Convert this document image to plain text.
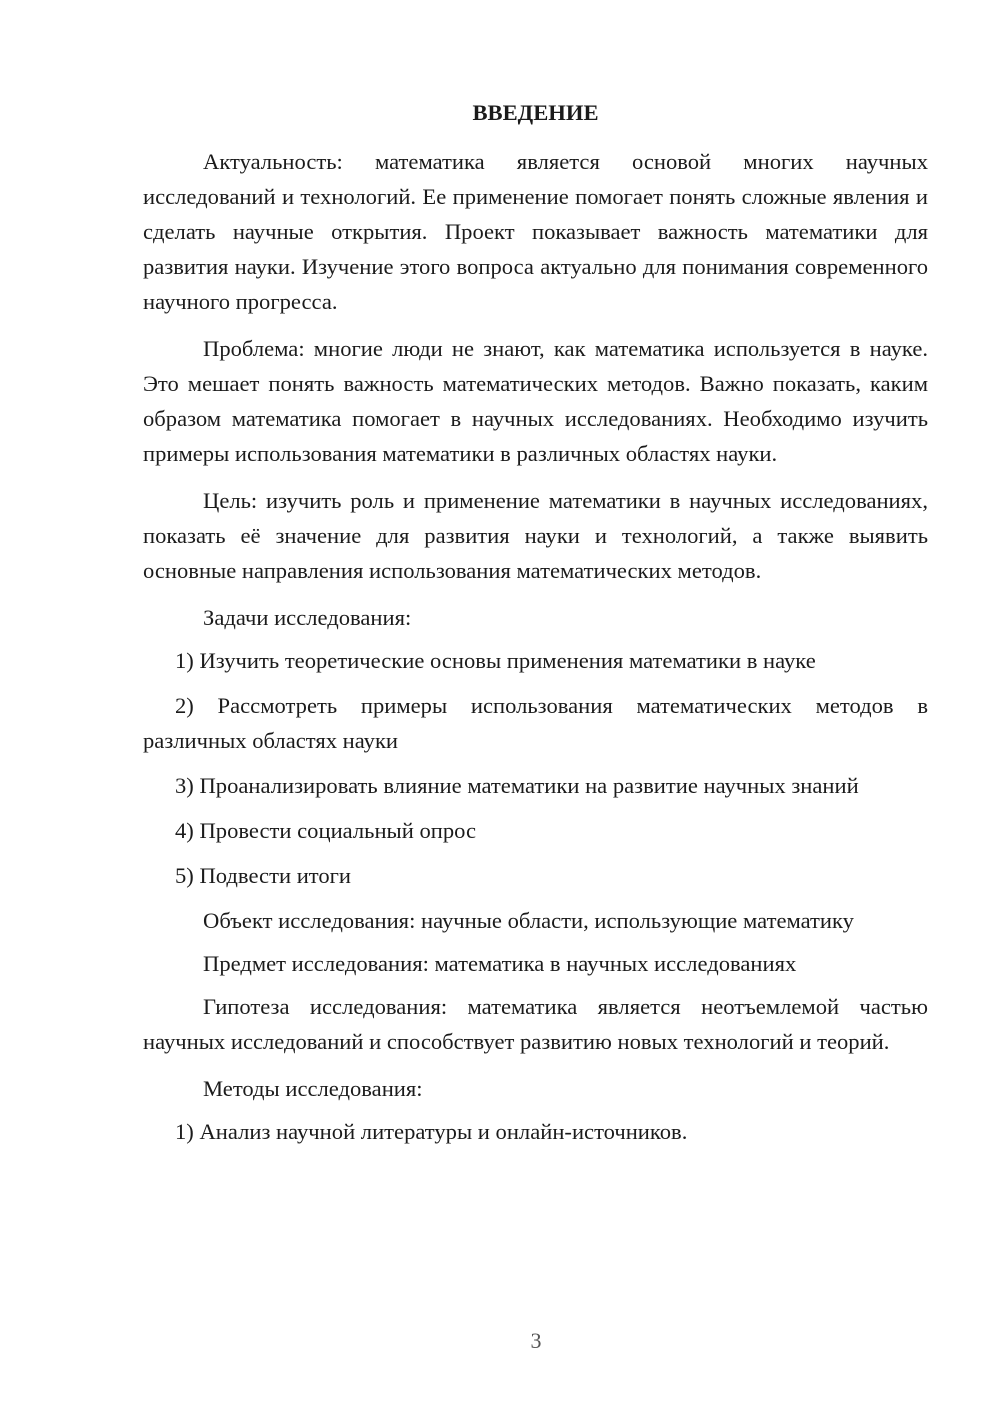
ВВЕДЕНИЕ

Актуальность: математика является основой многих научных исследований и технологий. Ее применение помогает понять сложные явления и сделать научные открытия. Проект показывает важность математики для развития науки. Изучение этого вопроса актуально для понимания современного научного прогресса.

Проблема: многие люди не знают, как математика используется в науке. Это мешает понять важность математических методов. Важно показать, каким образом математика помогает в научных исследованиях. Необходимо изучить примеры использования математики в различных областях науки.

Цель: изучить роль и применение математики в научных исследованиях, показать её значение для развития науки и технологий, а также выявить основные направления использования математических методов.

Задачи исследования:

1) Изучить теоретические основы применения математики в науке

2) Рассмотреть примеры использования математических методов в различных областях науки

3) Проанализировать влияние математики на развитие научных знаний

4) Провести социальный опрос

5) Подвести итоги

Объект исследования: научные области, использующие математику

Предмет исследования: математика в научных исследованиях

Гипотеза исследования: математика является неотъемлемой частью научных исследований и способствует развитию новых технологий и теорий.

Методы исследования:

1) Анализ научной литературы и онлайн-источников.

3
